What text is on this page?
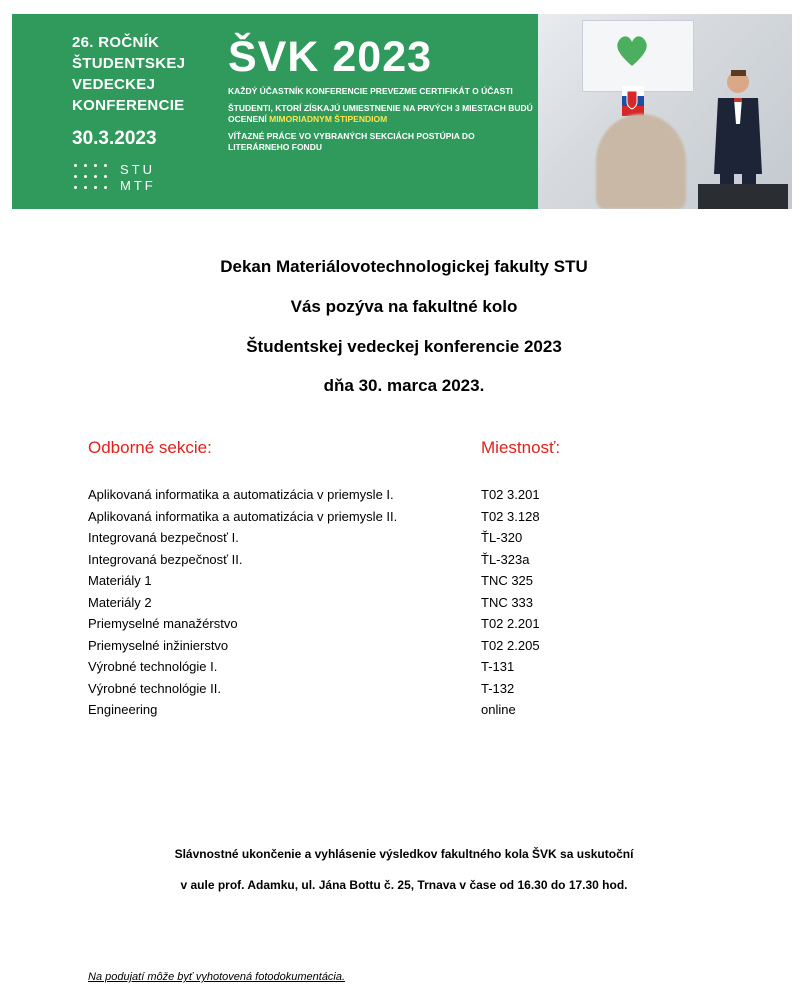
26. ROČNÍK
ŠTUDENTSKEJ
VEDECKEJ
KONFERENCIE
30.3.2023
STU
MTF
ŠVK 2023
KAŽDÝ ÚČASTNÍK KONFERENCIE PREVEZME CERTIFIKÁT O ÚČASTI
ŠTUDENTI, KTORÍ ZÍSKAJÚ UMIESTNENIE NA PRVÝCH 3 MIESTACH BUDÚ OCENENÍ MIMORIADNYM ŠTIPENDIOM
VÍŤAZNÉ PRÁCE VO VYBRANÝCH SEKCIÁCH POSTÚPIA DO LITERÁRNEHO FONDU
Dekan Materiálovotechnologickej fakulty STU
Vás pozýva na fakultné kolo
Študentskej vedeckej konferencie 2023
dňa 30. marca 2023.
Odborné sekcie:	Miestnosť:
Aplikovaná informatika a automatizácia v priemysle I.	T02 3.201
Aplikovaná informatika a automatizácia v priemysle II.	T02 3.128
Integrovaná bezpečnosť I.	ŤL-320
Integrovaná bezpečnosť II.	ŤL-323a
Materiály 1	TNC 325
Materiály 2	TNC 333
Priemyselné manažérstvo	T02 2.201
Priemyselné inžinierstvo	T02 2.205
Výrobné technológie I.	T-131
Výrobné technológie II.	T-132
Engineering	online
Slávnostné ukončenie a vyhlásenie výsledkov fakultného kola ŠVK sa uskutoční
v aule prof. Adamku, ul. Jána Bottu č. 25, Trnava v čase od 16.30 do 17.30 hod.
Na podujatí môže byť vyhotovená fotodokumentácia.
